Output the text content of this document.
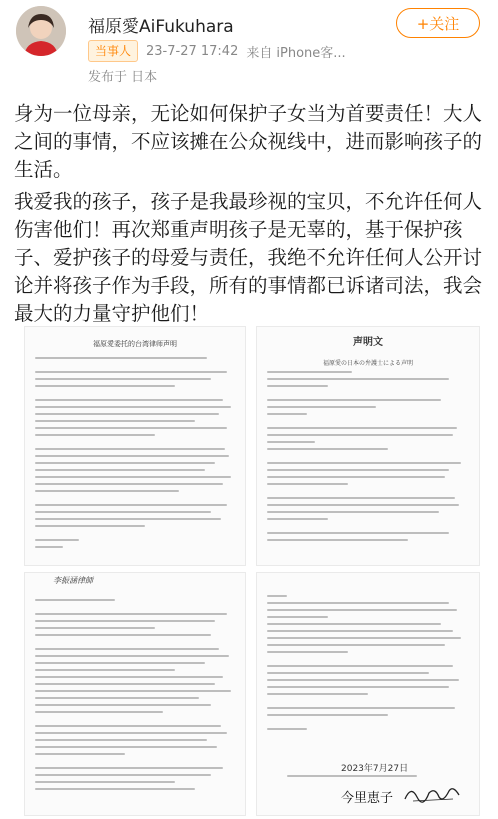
福原愛AiFukuhara	+关注
当事人	23-7-27 17:42 来自 iPhone客...
发布于 日本

身为一位母亲，无论如何保护子女当为首要责任！大人之间的事情，不应该摊在公众视线中，进而影响孩子的生活。

我爱我的孩子，孩子是我最珍视的宝贝，不允许任何人伤害他们！再次郑重声明孩子是无辜的，基于保护孩子、爱护孩子的母爱与责任，我绝不允许任何人公开讨论并将孩子作为手段，所有的事情都已诉诸司法，我会最大的力量守护他们！

福原愛委托的台湾律师声明	声明文
福原愛の日本の弁護士による声明
李振涵律師
2023年7月27日
今里恵子
